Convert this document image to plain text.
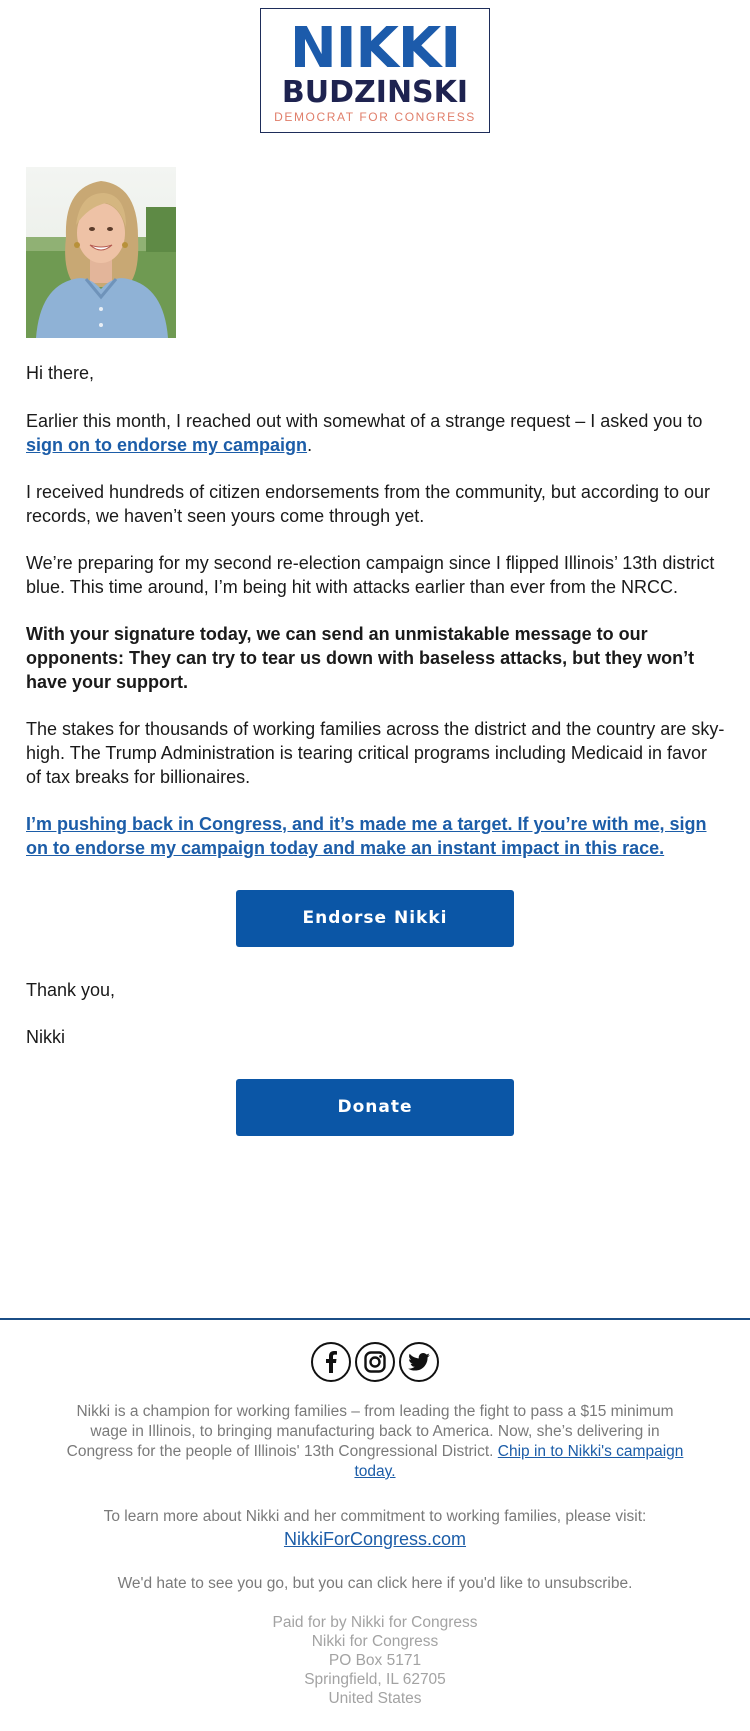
NIKKI
BUDZINSKI
DEMOCRAT FOR CONGRESS

Hi there,

Earlier this month, I reached out with somewhat of a strange request – I asked you to sign on to endorse my campaign.

I received hundreds of citizen endorsements from the community, but according to our records, we haven’t seen yours come through yet.

We’re preparing for my second re-election campaign since I flipped Illinois’ 13th district blue. This time around, I’m being hit with attacks earlier than ever from the NRCC.

With your signature today, we can send an unmistakable message to our opponents: They can try to tear us down with baseless attacks, but they won’t have your support.

The stakes for thousands of working families across the district and the country are sky-high. The Trump Administration is tearing critical programs including Medicaid in favor of tax breaks for billionaires.

I’m pushing back in Congress, and it’s made me a target. If you’re with me, sign on to endorse my campaign today and make an instant impact in this race.

Endorse Nikki

Thank you,

Nikki

Donate

Nikki is a champion for working families – from leading the fight to pass a $15 minimum wage in Illinois, to bringing manufacturing back to America. Now, she’s delivering in Congress for the people of Illinois' 13th Congressional District. Chip in to Nikki's campaign today.

To learn more about Nikki and her commitment to working families, please visit:

NikkiForCongress.com

We'd hate to see you go, but you can click here if you'd like to unsubscribe.

Paid for by Nikki for Congress
Nikki for Congress
PO Box 5171
Springfield, IL 62705
United States
